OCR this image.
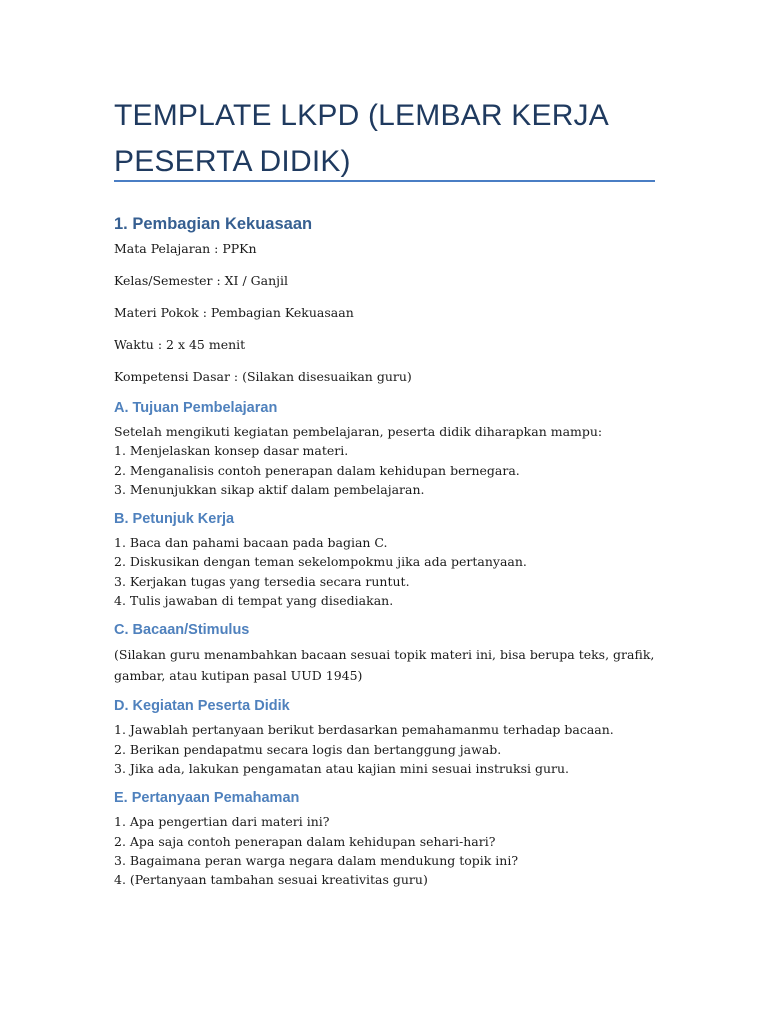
TEMPLATE LKPD (LEMBAR KERJA PESERTA DIDIK)
1. Pembagian Kekuasaan

Mata Pelajaran : PPKn

Kelas/Semester : XI / Ganjil

Materi Pokok : Pembagian Kekuasaan

Waktu : 2 x 45 menit

Kompetensi Dasar : (Silakan disesuaikan guru)

A. Tujuan Pembelajaran

Setelah mengikuti kegiatan pembelajaran, peserta didik diharapkan mampu:

1. Menjelaskan konsep dasar materi.
2. Menganalisis contoh penerapan dalam kehidupan bernegara.
3. Menunjukkan sikap aktif dalam pembelajaran.
B. Petunjuk Kerja
1. Baca dan pahami bacaan pada bagian C.
2. Diskusikan dengan teman sekelompokmu jika ada pertanyaan.
3. Kerjakan tugas yang tersedia secara runtut.
4. Tulis jawaban di tempat yang disediakan.
C. Bacaan/Stimulus

(Silakan guru menambahkan bacaan sesuai topik materi ini, bisa berupa teks, grafik, gambar, atau kutipan pasal UUD 1945)

D. Kegiatan Peserta Didik
1. Jawablah pertanyaan berikut berdasarkan pemahamanmu terhadap bacaan.
2. Berikan pendapatmu secara logis dan bertanggung jawab.
3. Jika ada, lakukan pengamatan atau kajian mini sesuai instruksi guru.
E. Pertanyaan Pemahaman
1. Apa pengertian dari materi ini?
2. Apa saja contoh penerapan dalam kehidupan sehari-hari?
3. Bagaimana peran warga negara dalam mendukung topik ini?
4. (Pertanyaan tambahan sesuai kreativitas guru)
